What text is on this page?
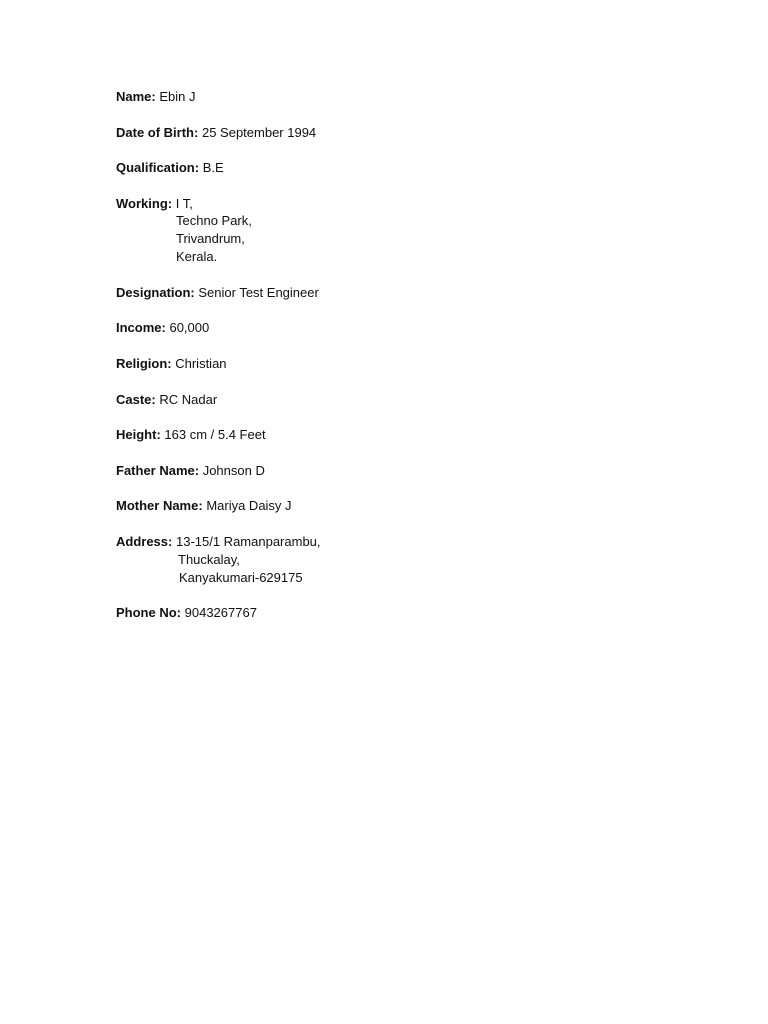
Name: Ebin J
Date of Birth: 25 September 1994
Qualification: B.E
Working: I T,
Techno Park,
Trivandrum,
Kerala.
Designation: Senior Test Engineer
Income: 60,000
Religion: Christian
Caste: RC Nadar
Height: 163 cm / 5.4 Feet
Father Name: Johnson D
Mother Name: Mariya Daisy J
Address: 13-15/1 Ramanparambu,
Thuckalay,
Kanyakumari-629175
Phone No: 9043267767
